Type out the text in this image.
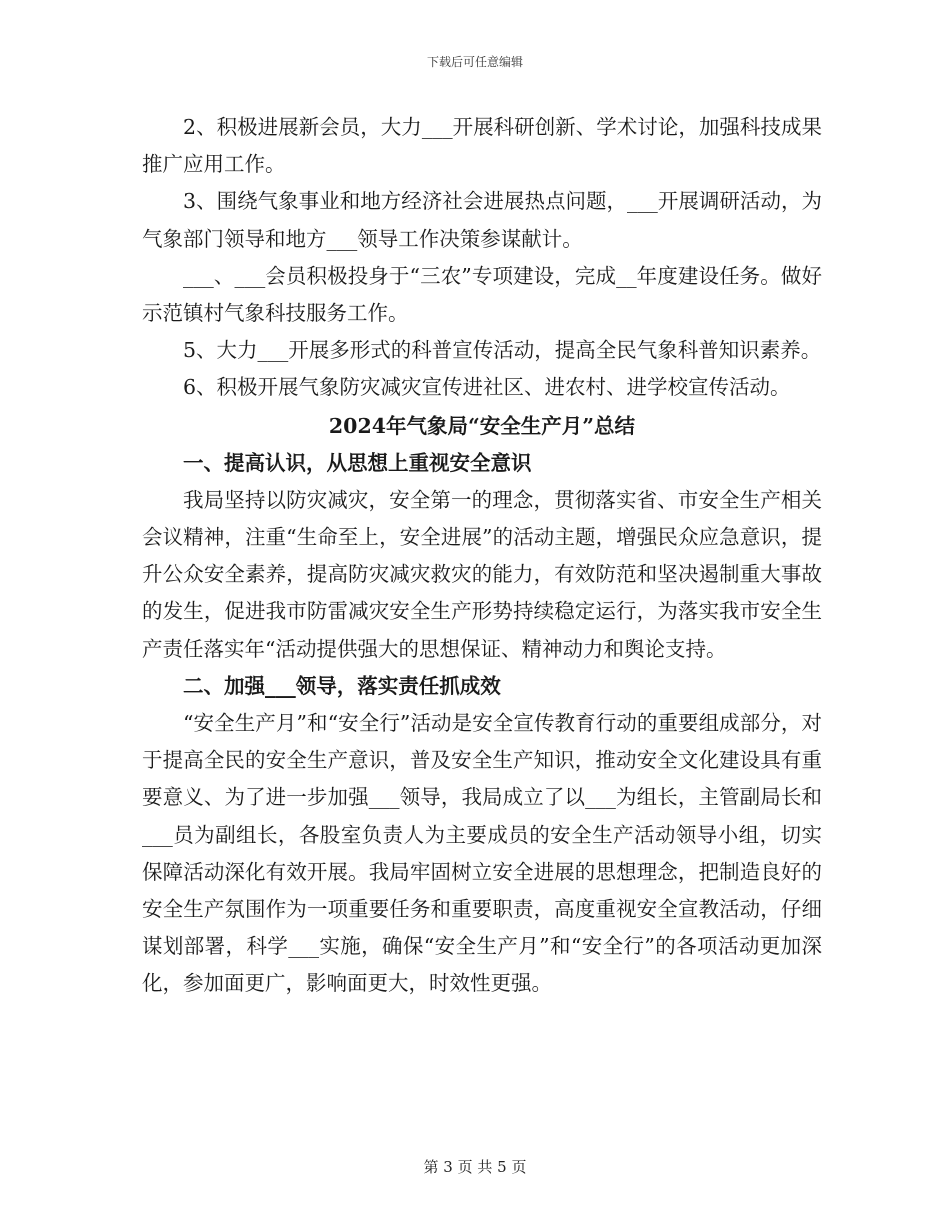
下载后可任意编辑

2、积极进展新会员，大力___开展科研创新、学术讨论，加强科技成果推广应用工作。

3、围绕气象事业和地方经济社会进展热点问题，___开展调研活动，为气象部门领导和地方___领导工作决策参谋献计。

___、___会员积极投身于“三农”专项建设，完成__年度建设任务。做好示范镇村气象科技服务工作。

5、大力___开展多形式的科普宣传活动，提高全民气象科普知识素养。

6、积极开展气象防灾减灾宣传进社区、进农村、进学校宣传活动。

2024年气象局“安全生产月”总结

一、提高认识，从思想上重视安全意识

我局坚持以防灾减灾，安全第一的理念，贯彻落实省、市安全生产相关会议精神，注重“生命至上，安全进展”的活动主题，增强民众应急意识，提升公众安全素养，提高防灾减灾救灾的能力，有效防范和坚决遏制重大事故的发生，促进我市防雷减灾安全生产形势持续稳定运行，为落实我市安全生产责任落实年“活动提供强大的思想保证、精神动力和舆论支持。

二、加强___领导，落实责任抓成效

“安全生产月”和“安全行”活动是安全宣传教育行动的重要组成部分，对于提高全民的安全生产意识，普及安全生产知识，推动安全文化建设具有重要意义、为了进一步加强___领导，我局成立了以___为组长，主管副局长和___员为副组长，各股室负责人为主要成员的安全生产活动领导小组，切实保障活动深化有效开展。我局牢固树立安全进展的思想理念，把制造良好的安全生产氛围作为一项重要任务和重要职责，高度重视安全宣教活动，仔细谋划部署，科学___实施，确保“安全生产月”和“安全行”的各项活动更加深化，参加面更广，影响面更大，时效性更强。

第 3 页 共 5 页
